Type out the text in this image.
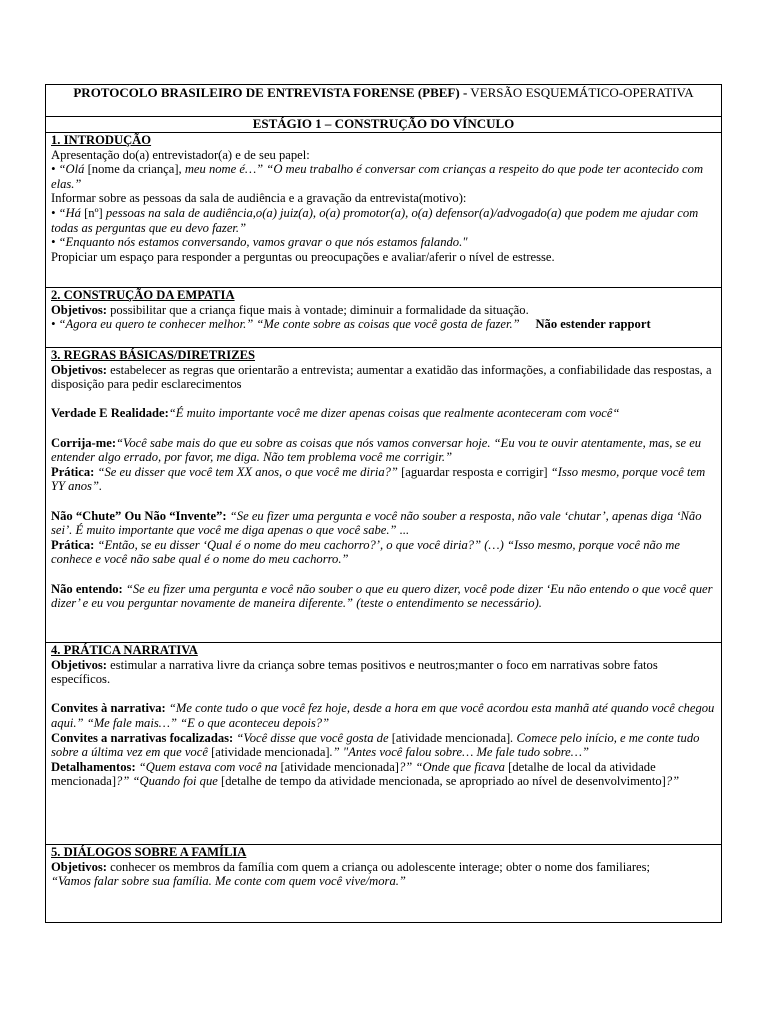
PROTOCOLO BRASILEIRO DE ENTREVISTA FORENSE (PBEF) - VERSÃO ESQUEMÁTICO-OPERATIVA
ESTÁGIO 1 – CONSTRUÇÃO DO VÍNCULO

1. INTRODUÇÃO

Apresentação do(a) entrevistador(a) e de seu papel:

• “Olá [nome da criança], meu nome é…” “O meu trabalho é conversar com crianças a respeito do que pode ter acontecido com elas.”

Informar sobre as pessoas da sala de audiência e a gravação da entrevista(motivo):

• “Há [nº] pessoas na sala de audiência,o(a) juiz(a), o(a) promotor(a), o(a) defensor(a)/advogado(a) que podem me ajudar com todas as perguntas que eu devo fazer.”

• “Enquanto nós estamos conversando, vamos gravar o que nós estamos falando."

Propiciar um espaço para responder a perguntas ou preocupações e avaliar/aferir o nível de estresse.

2. CONSTRUÇÃO DA EMPATIA

Objetivos: possibilitar que a criança fique mais à vontade; diminuir a formalidade da situação.

• “Agora eu quero te conhecer melhor.” “Me conte sobre as coisas que você gosta de fazer.” Não estender rapport

3. REGRAS BÁSICAS/DIRETRIZES

Objetivos: estabelecer as regras que orientarão a entrevista; aumentar a exatidão das informações, a confiabilidade das respostas, a disposição para pedir esclarecimentos

Verdade E Realidade:“É muito importante você me dizer apenas coisas que realmente aconteceram com você“

Corrija-me:“Você sabe mais do que eu sobre as coisas que nós vamos conversar hoje. “Eu vou te ouvir atentamente, mas, se eu entender algo errado, por favor, me diga. Não tem problema você me corrigir.”

Prática: “Se eu disser que você tem XX anos, o que você me diria?” [aguardar resposta e corrigir] “Isso mesmo, porque você tem YY anos”.

Não “Chute” Ou Não “Invente”: “Se eu fizer uma pergunta e você não souber a resposta, não vale ‘chutar’, apenas diga ‘Não sei’. É muito importante que você me diga apenas o que você sabe.” ...

Prática: “Então, se eu disser ‘Qual é o nome do meu cachorro?’, o que você diria?” (…) “Isso mesmo, porque você não me conhece e você não sabe qual é o nome do meu cachorro.”

Não entendo: “Se eu fizer uma pergunta e você não souber o que eu quero dizer, você pode dizer ‘Eu não entendo o que você quer dizer’ e eu vou perguntar novamente de maneira diferente.” (teste o entendimento se necessário).

4. PRÁTICA NARRATIVA

Objetivos: estimular a narrativa livre da criança sobre temas positivos e neutros;manter o foco em narrativas sobre fatos específicos.

Convites à narrativa: “Me conte tudo o que você fez hoje, desde a hora em que você acordou esta manhã até quando você chegou aqui.” “Me fale mais…” “E o que aconteceu depois?”

Convites a narrativas focalizadas: “Você disse que você gosta de [atividade mencionada]. Comece pelo início, e me conte tudo sobre a última vez em que você [atividade mencionada].” "Antes você falou sobre… Me fale tudo sobre…”

Detalhamentos: “Quem estava com você na [atividade mencionada]?” “Onde que ficava [detalhe de local da atividade mencionada]?” “Quando foi que [detalhe de tempo da atividade mencionada, se apropriado ao nível de desenvolvimento]?”

5. DIÁLOGOS SOBRE A FAMÍLIA

Objetivos: conhecer os membros da família com quem a criança ou adolescente interage; obter o nome dos familiares;

“Vamos falar sobre sua família. Me conte com quem você vive/mora.”
